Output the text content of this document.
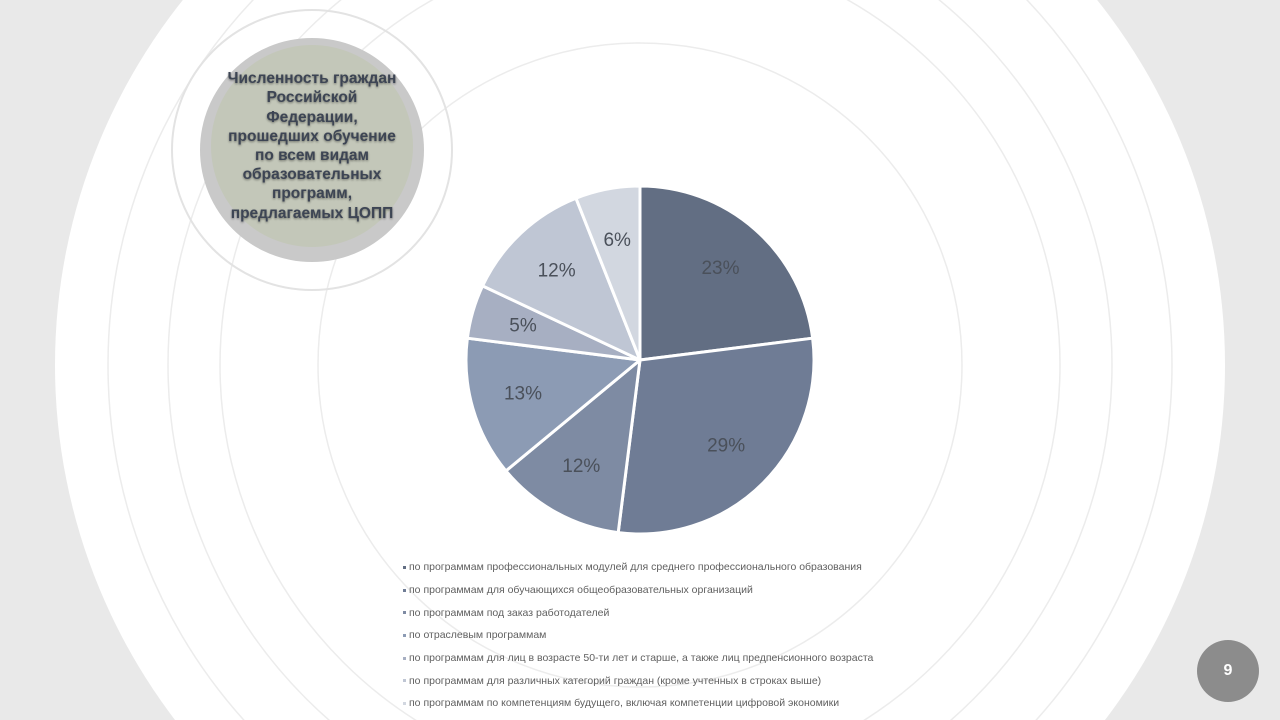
Численность граждан Российской Федерации, прошедших обучение по всем видам образовательных программ, предлагаемых ЦОПП
23%
29%
12%
13%
5%
12%
6%
по программам профессиональных модулей для среднего профессионального образования
по программам для обучающихся общеобразовательных организаций
по программам под заказ работодателей
по отраслевым программам
по программам для лиц в возрасте 50-ти лет и старше, а также лиц предпенсионного возраста
по программам для различных категорий граждан (кроме учтенных в строках выше)
по программам по компетенциям будущего, включая компетенции цифровой экономики
9
